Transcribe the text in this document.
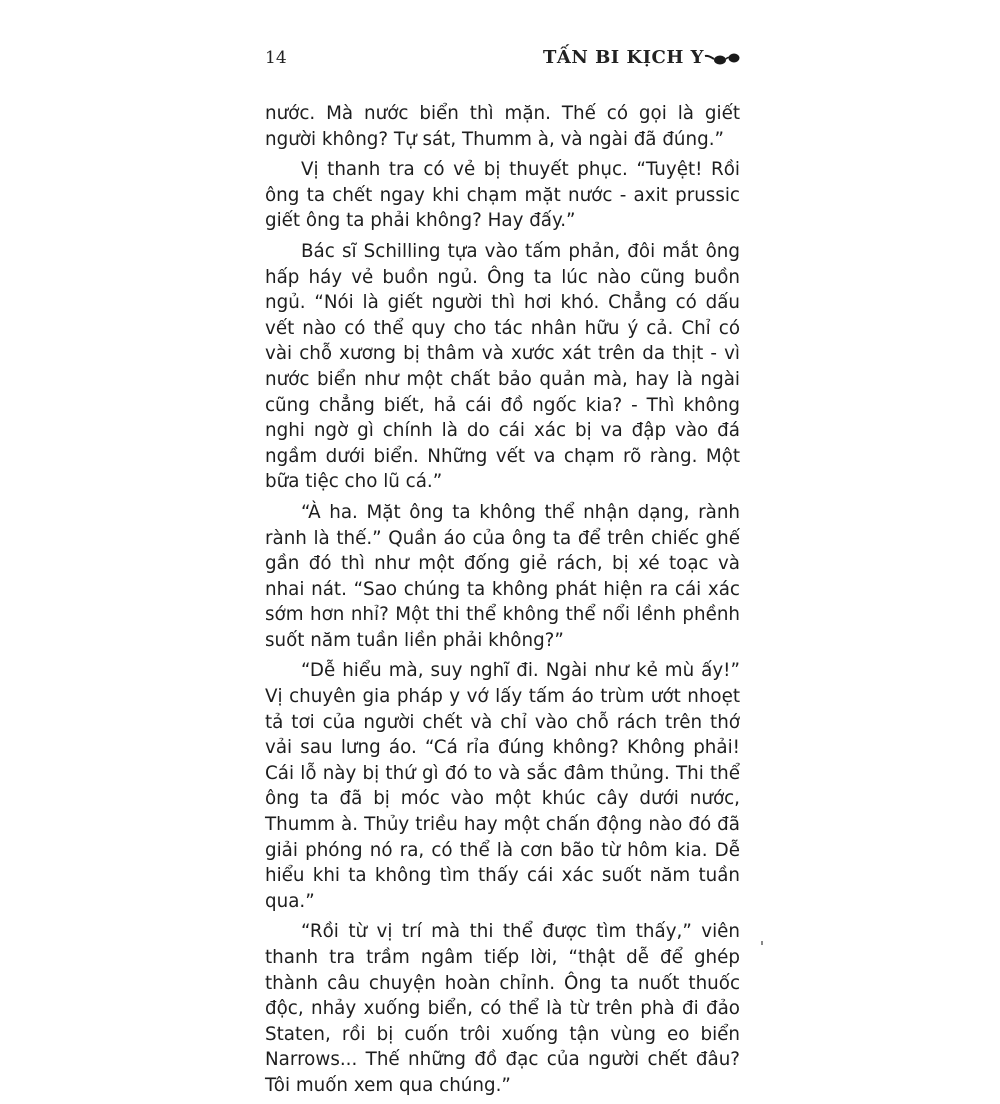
14	TẤN BI KỊCH Y

nước. Mà nước biển thì mặn. Thế có gọi là giết người không? Tự sát, Thumm à, và ngài đã đúng.”

Vị thanh tra có vẻ bị thuyết phục. “Tuyệt! Rồi ông ta chết ngay khi chạm mặt nước - axit prussic giết ông ta phải không? Hay đấy.”

Bác sĩ Schilling tựa vào tấm phản, đôi mắt ông hấp háy vẻ buồn ngủ. Ông ta lúc nào cũng buồn ngủ. “Nói là giết người thì hơi khó. Chẳng có dấu vết nào có thể quy cho tác nhân hữu ý cả. Chỉ có vài chỗ xương bị thâm và xước xát trên da thịt - vì nước biển như một chất bảo quản mà, hay là ngài cũng chẳng biết, hả cái đồ ngốc kia? - Thì không nghi ngờ gì chính là do cái xác bị va đập vào đá ngầm dưới biển. Những vết va chạm rõ ràng. Một bữa tiệc cho lũ cá.”

“À ha. Mặt ông ta không thể nhận dạng, rành rành là thế.” Quần áo của ông ta để trên chiếc ghế gần đó thì như một đống giẻ rách, bị xé toạc và nhai nát. “Sao chúng ta không phát hiện ra cái xác sớm hơn nhỉ? Một thi thể không thể nổi lềnh phềnh suốt năm tuần liền phải không?”

“Dễ hiểu mà, suy nghĩ đi. Ngài như kẻ mù ấy!” Vị chuyên gia pháp y vớ lấy tấm áo trùm ướt nhoẹt tả tơi của người chết và chỉ vào chỗ rách trên thớ vải sau lưng áo. “Cá rỉa đúng không? Không phải! Cái lỗ này bị thứ gì đó to và sắc đâm thủng. Thi thể ông ta đã bị móc vào một khúc cây dưới nước, Thumm à. Thủy triều hay một chấn động nào đó đã giải phóng nó ra, có thể là cơn bão từ hôm kia. Dễ hiểu khi ta không tìm thấy cái xác suốt năm tuần qua.”

“Rồi từ vị trí mà thi thể được tìm thấy,” viên thanh tra trầm ngâm tiếp lời, “thật dễ để ghép thành câu chuyện hoàn chỉnh. Ông ta nuốt thuốc độc, nhảy xuống biển, có thể là từ trên phà đi đảo Staten, rồi bị cuốn trôi xuống tận vùng eo biển Narrows... Thế những đồ đạc của người chết đâu? Tôi muốn xem qua chúng.”
